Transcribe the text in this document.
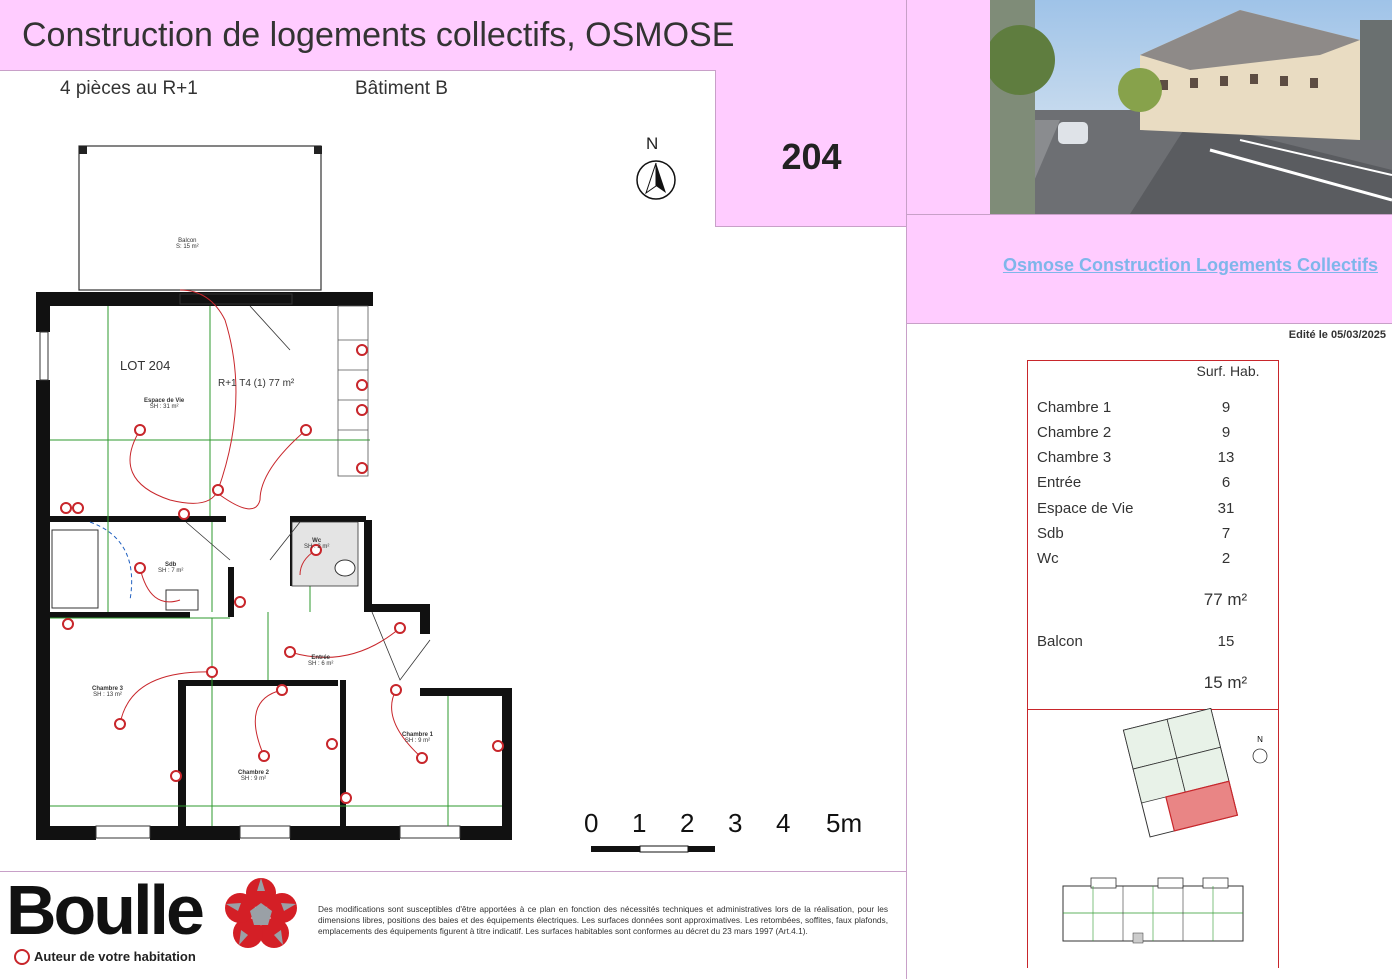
Construction de logements collectifs, OSMOSE
4 pièces au R+1	Bâtiment B
204
Osmose Construction Logements Collectifs
Edité le 05/03/2025
Surf. Hab.
Chambre 1	9
Chambre 2	9
Chambre 3	13
Entrée	6
Espace de Vie	31
Sdb	7
Wc	2
77 m²
Balcon	15
15 m²
N
N
LOT 204
R+1 T4 (1) 77 m²
Balcon
S: 15 m²
Espace de Vie
SH : 31 m²
Sdb
SH : 7 m²
Wc
SH : 2 m²
Entrée
SH : 6 m²
Chambre 3
SH : 13 m²
Chambre 2
SH : 9 m²
Chambre 1
SH : 9 m²
0 1 2 3 4 5m
Boulle
Auteur de votre habitation
Des modifications sont susceptibles d'être apportées à ce plan en fonction des nécessités techniques et administratives lors de la réalisation, pour les dimensions libres, positions des baies et des équipements électriques. Les surfaces données sont approximatives. Les retombées, soffites, faux plafonds, emplacements des équipements figurent à titre indicatif. Les surfaces habitables sont conformes au décret du 23 mars 1997 (Art.4.1).
